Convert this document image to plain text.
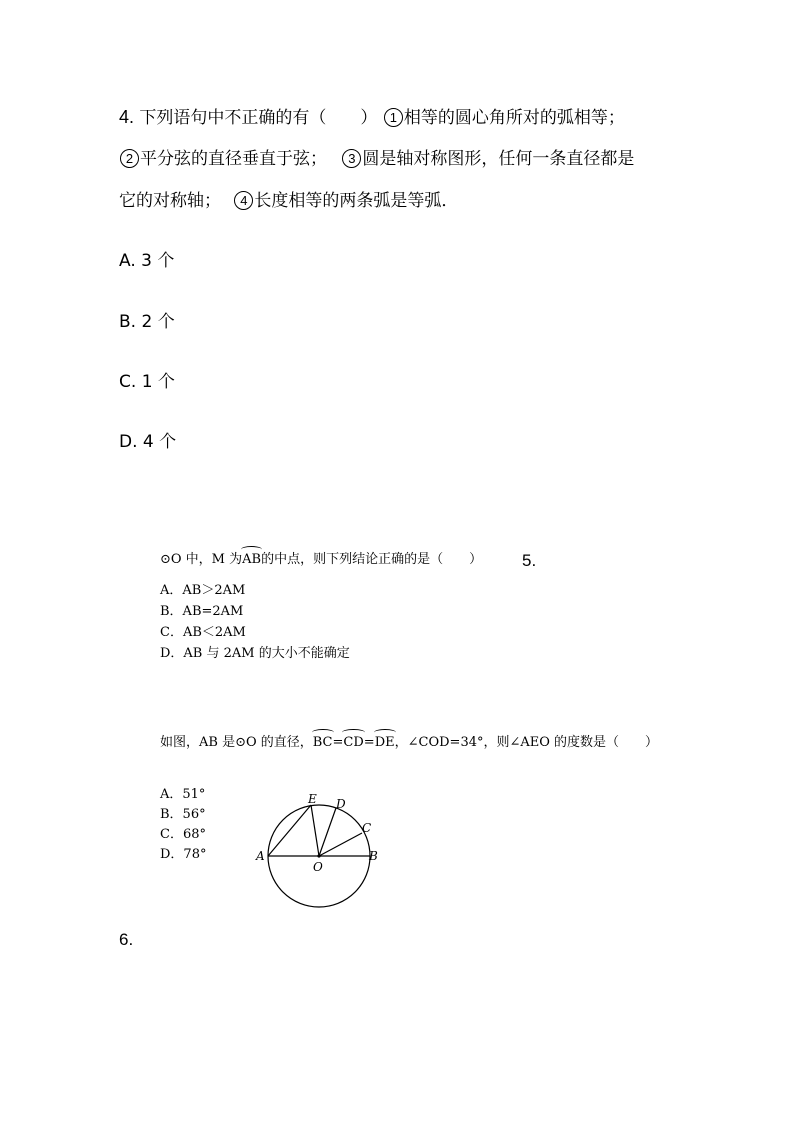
4. 下列语句中不正确的有（　　） 1 相等的圆心角所对的弧相等；
2 平分弦的直径垂直于弦； 3 圆是轴对称图形，任何一条直径都是
它的对称轴； 4 长度相等的两条弧是等弧．
A. 3 个
B. 2 个
C. 1 个
D. 4 个
⊙O 中，M 为AB的中点，则下列结论正确的是（　　） 5.
A．AB＞2AM
B．AB=2AM
C．AB＜2AM
D．AB 与 2AM 的大小不能确定
如图，AB 是⊙O 的直径，BC=CD=DE，∠COD=34°，则∠AEO 的度数是（　　）
A．51°
B．56°
C．68°
D．78°
E D
C
A	B
O
6.
